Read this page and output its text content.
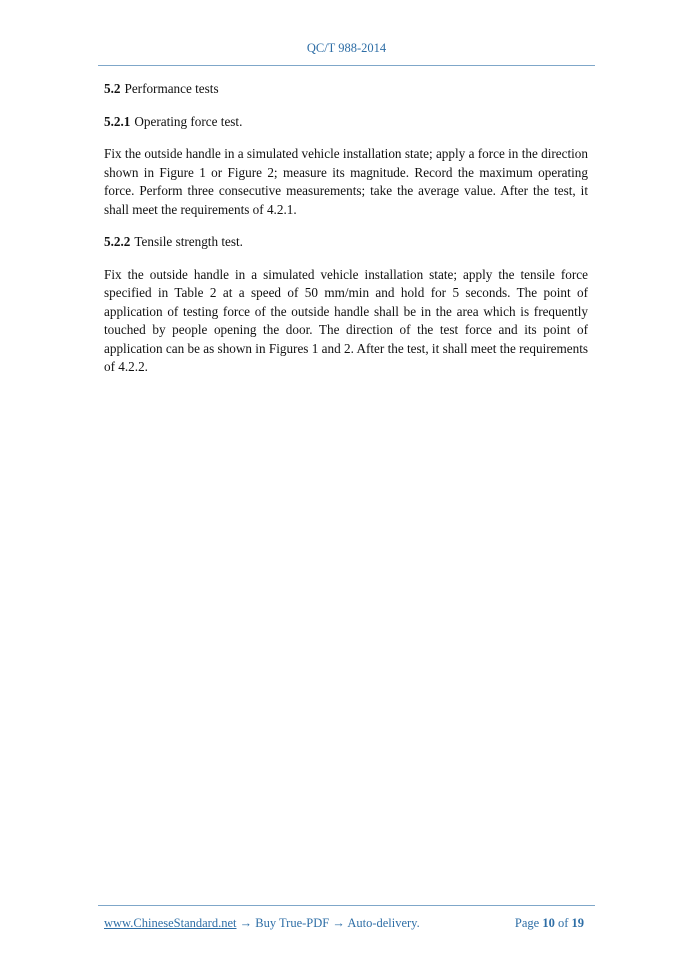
QC/T 988-2014

5.2 Performance tests

5.2.1 Operating force test.

Fix the outside handle in a simulated vehicle installation state; apply a force in the direction shown in Figure 1 or Figure 2; measure its magnitude. Record the maximum operating force. Perform three consecutive measurements; take the average value. After the test, it shall meet the requirements of 4.2.1.

5.2.2 Tensile strength test.

Fix the outside handle in a simulated vehicle installation state; apply the tensile force specified in Table 2 at a speed of 50 mm/min and hold for 5 seconds. The point of application of testing force of the outside handle shall be in the area which is frequently touched by people opening the door. The direction of the test force and its point of application can be as shown in Figures 1 and 2. After the test, it shall meet the requirements of 4.2.2.

www.ChineseStandard.net → Buy True-PDF → Auto-delivery.	Page 10 of 19
